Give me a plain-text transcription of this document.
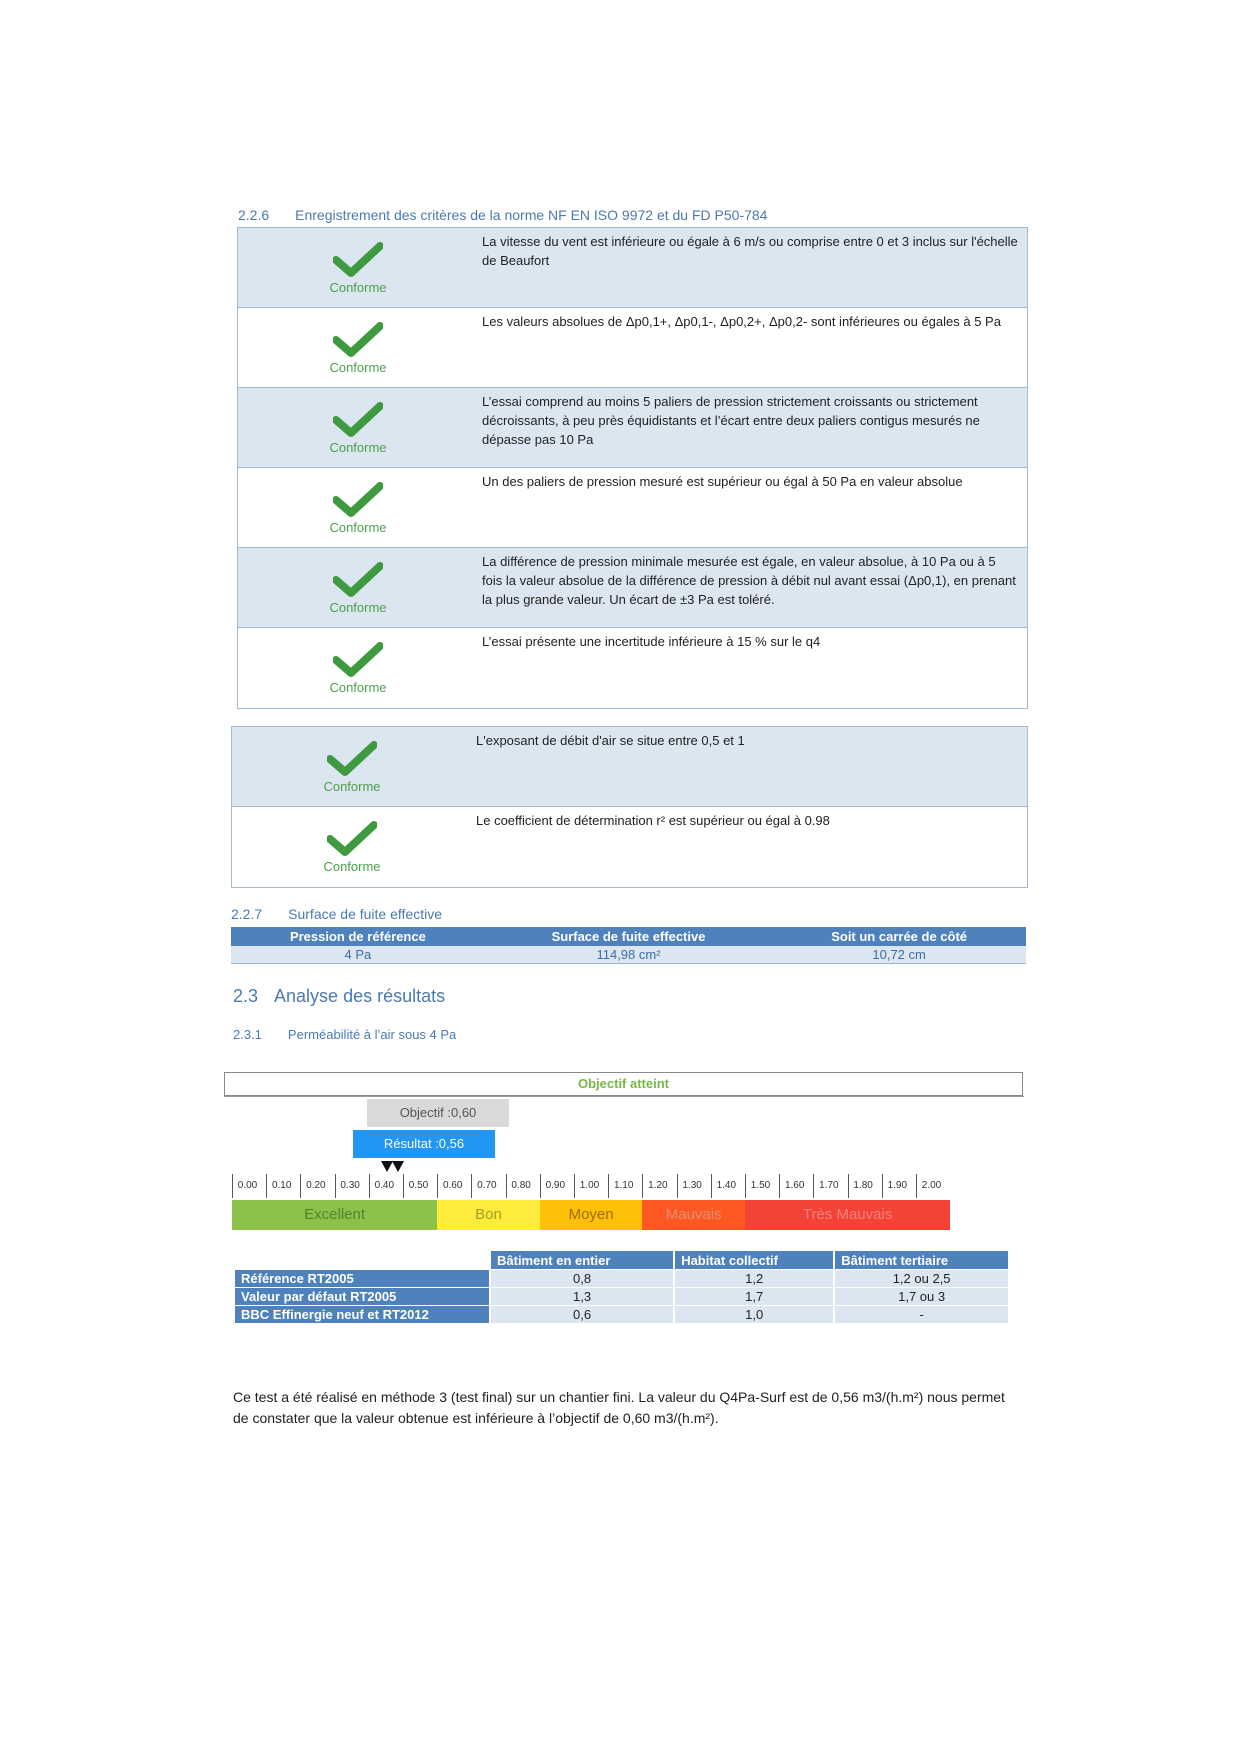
2.2.6 Enregistrement des critères de la norme NF EN ISO 9972 et du FD P50-784
Conforme
La vitesse du vent est inférieure ou égale à 6 m/s ou comprise entre 0 et 3 inclus sur l'échelle de Beaufort
Conforme
Les valeurs absolues de Δp0,1+, Δp0,1-, Δp0,2+, Δp0,2- sont inférieures ou égales à 5 Pa
Conforme
L’essai comprend au moins 5 paliers de pression strictement croissants ou strictement décroissants, à peu près équidistants et l’écart entre deux paliers contigus mesurés ne dépasse pas 10 Pa
Conforme
Un des paliers de pression mesuré est supérieur ou égal à 50 Pa en valeur absolue
Conforme
La différence de pression minimale mesurée est égale, en valeur absolue, à 10 Pa ou à 5 fois la valeur absolue de la différence de pression à débit nul avant essai (Δp0,1), en prenant la plus grande valeur. Un écart de ±3 Pa est toléré.
Conforme
L’essai présente une incertitude inférieure à 15 % sur le q4
Conforme
L'exposant de débit d'air se situe entre 0,5 et 1
Conforme
Le coefficient de détermination r² est supérieur ou égal à 0.98
2.2.7 Surface de fuite effective
Pression de référence	Surface de fuite effective	Soit un carrée de côté
4 Pa	114,98 cm²	10,72 cm
2.3 Analyse des résultats
2.3.1 Perméabilité à l’air sous 4 Pa
Objectif atteint
Objectif :0,60
Résultat :0,56
0.00	0.10	0.20	0.30	0.40	0.50	0.60	0.70	0.80	0.90	1.00	1.10	1.20	1.30	1.40	1.50	1.60	1.70	1.80	1.90	2.00
Excellent	Bon	Moyen	Mauvais	Très Mauvais
	Bâtiment en entier	Habitat collectif	Bâtiment tertiaire
Référence RT2005	0,8	1,2	1,2 ou 2,5
Valeur par défaut RT2005	1,3	1,7	1,7 ou 3
BBC Effinergie neuf et RT2012	0,6	1,0	-
Ce test a été réalisé en méthode 3 (test final) sur un chantier fini. La valeur du Q4Pa-Surf est de 0,56 m3/(h.m²) nous permet de constater que la valeur obtenue est inférieure à l’objectif de 0,60 m3/(h.m²).
